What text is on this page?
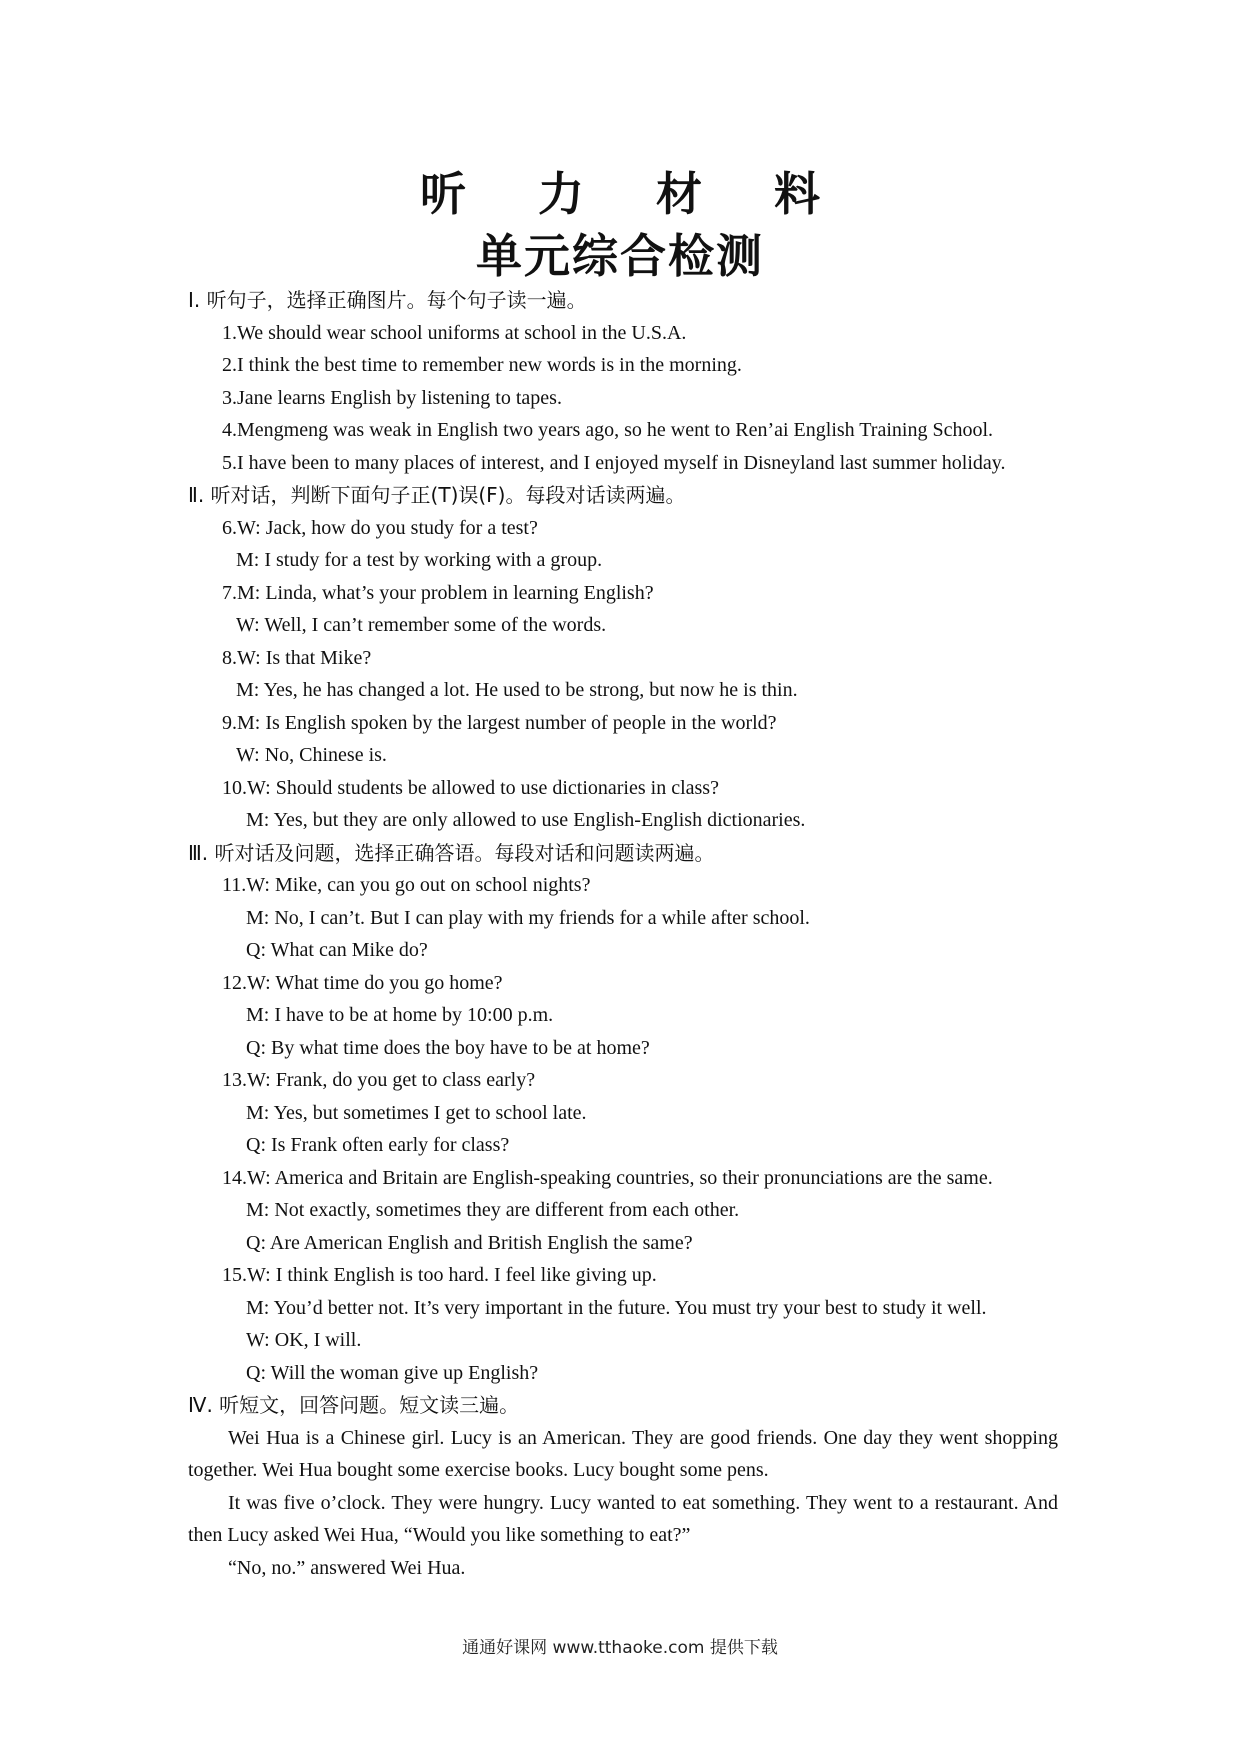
听 力 材 料
单元综合检测
Ⅰ. 听句子，选择正确图片。每个句子读一遍。
1.We should wear school uniforms at school in the U.S.A.
2.I think the best time to remember new words is in the morning.
3.Jane learns English by listening to tapes.
4.Mengmeng was weak in English two years ago, so he went to Ren’ai English Training School.
5.I have been to many places of interest, and I enjoyed myself in Disneyland last summer holiday.
Ⅱ. 听对话，判断下面句子正(T)误(F)。每段对话读两遍。
6.W: Jack, how do you study for a test?
M: I study for a test by working with a group.
7.M: Linda, what’s your problem in learning English?
W: Well, I can’t remember some of the words.
8.W: Is that Mike?
M: Yes, he has changed a lot. He used to be strong, but now he is thin.
9.M: Is English spoken by the largest number of people in the world?
W: No, Chinese is.
10.W: Should students be allowed to use dictionaries in class?
M: Yes, but they are only allowed to use English-English dictionaries.
Ⅲ. 听对话及问题，选择正确答语。每段对话和问题读两遍。
11.W: Mike, can you go out on school nights?
M: No, I can’t. But I can play with my friends for a while after school.
Q: What can Mike do?
12.W: What time do you go home?
M: I have to be at home by 10:00 p.m.
Q: By what time does the boy have to be at home?
13.W: Frank, do you get to class early?
M: Yes, but sometimes I get to school late.
Q: Is Frank often early for class?
14.W: America and Britain are English-speaking countries, so their pronunciations are the same.
M: Not exactly, sometimes they are different from each other.
Q: Are American English and British English the same?
15.W: I think English is too hard. I feel like giving up.
M: You’d better not. It’s very important in the future. You must try your best to study it well.
W: OK, I will.
Q: Will the woman give up English?
Ⅳ. 听短文，回答问题。短文读三遍。
Wei Hua is a Chinese girl. Lucy is an American. They are good friends. One day they went shopping together. Wei Hua bought some exercise books. Lucy bought some pens.
It was five o’clock. They were hungry. Lucy wanted to eat something. They went to a restaurant. And then Lucy asked Wei Hua, “Would you like something to eat?”
“No, no.” answered Wei Hua.
通通好课网 www.tthaoke.com 提供下载
